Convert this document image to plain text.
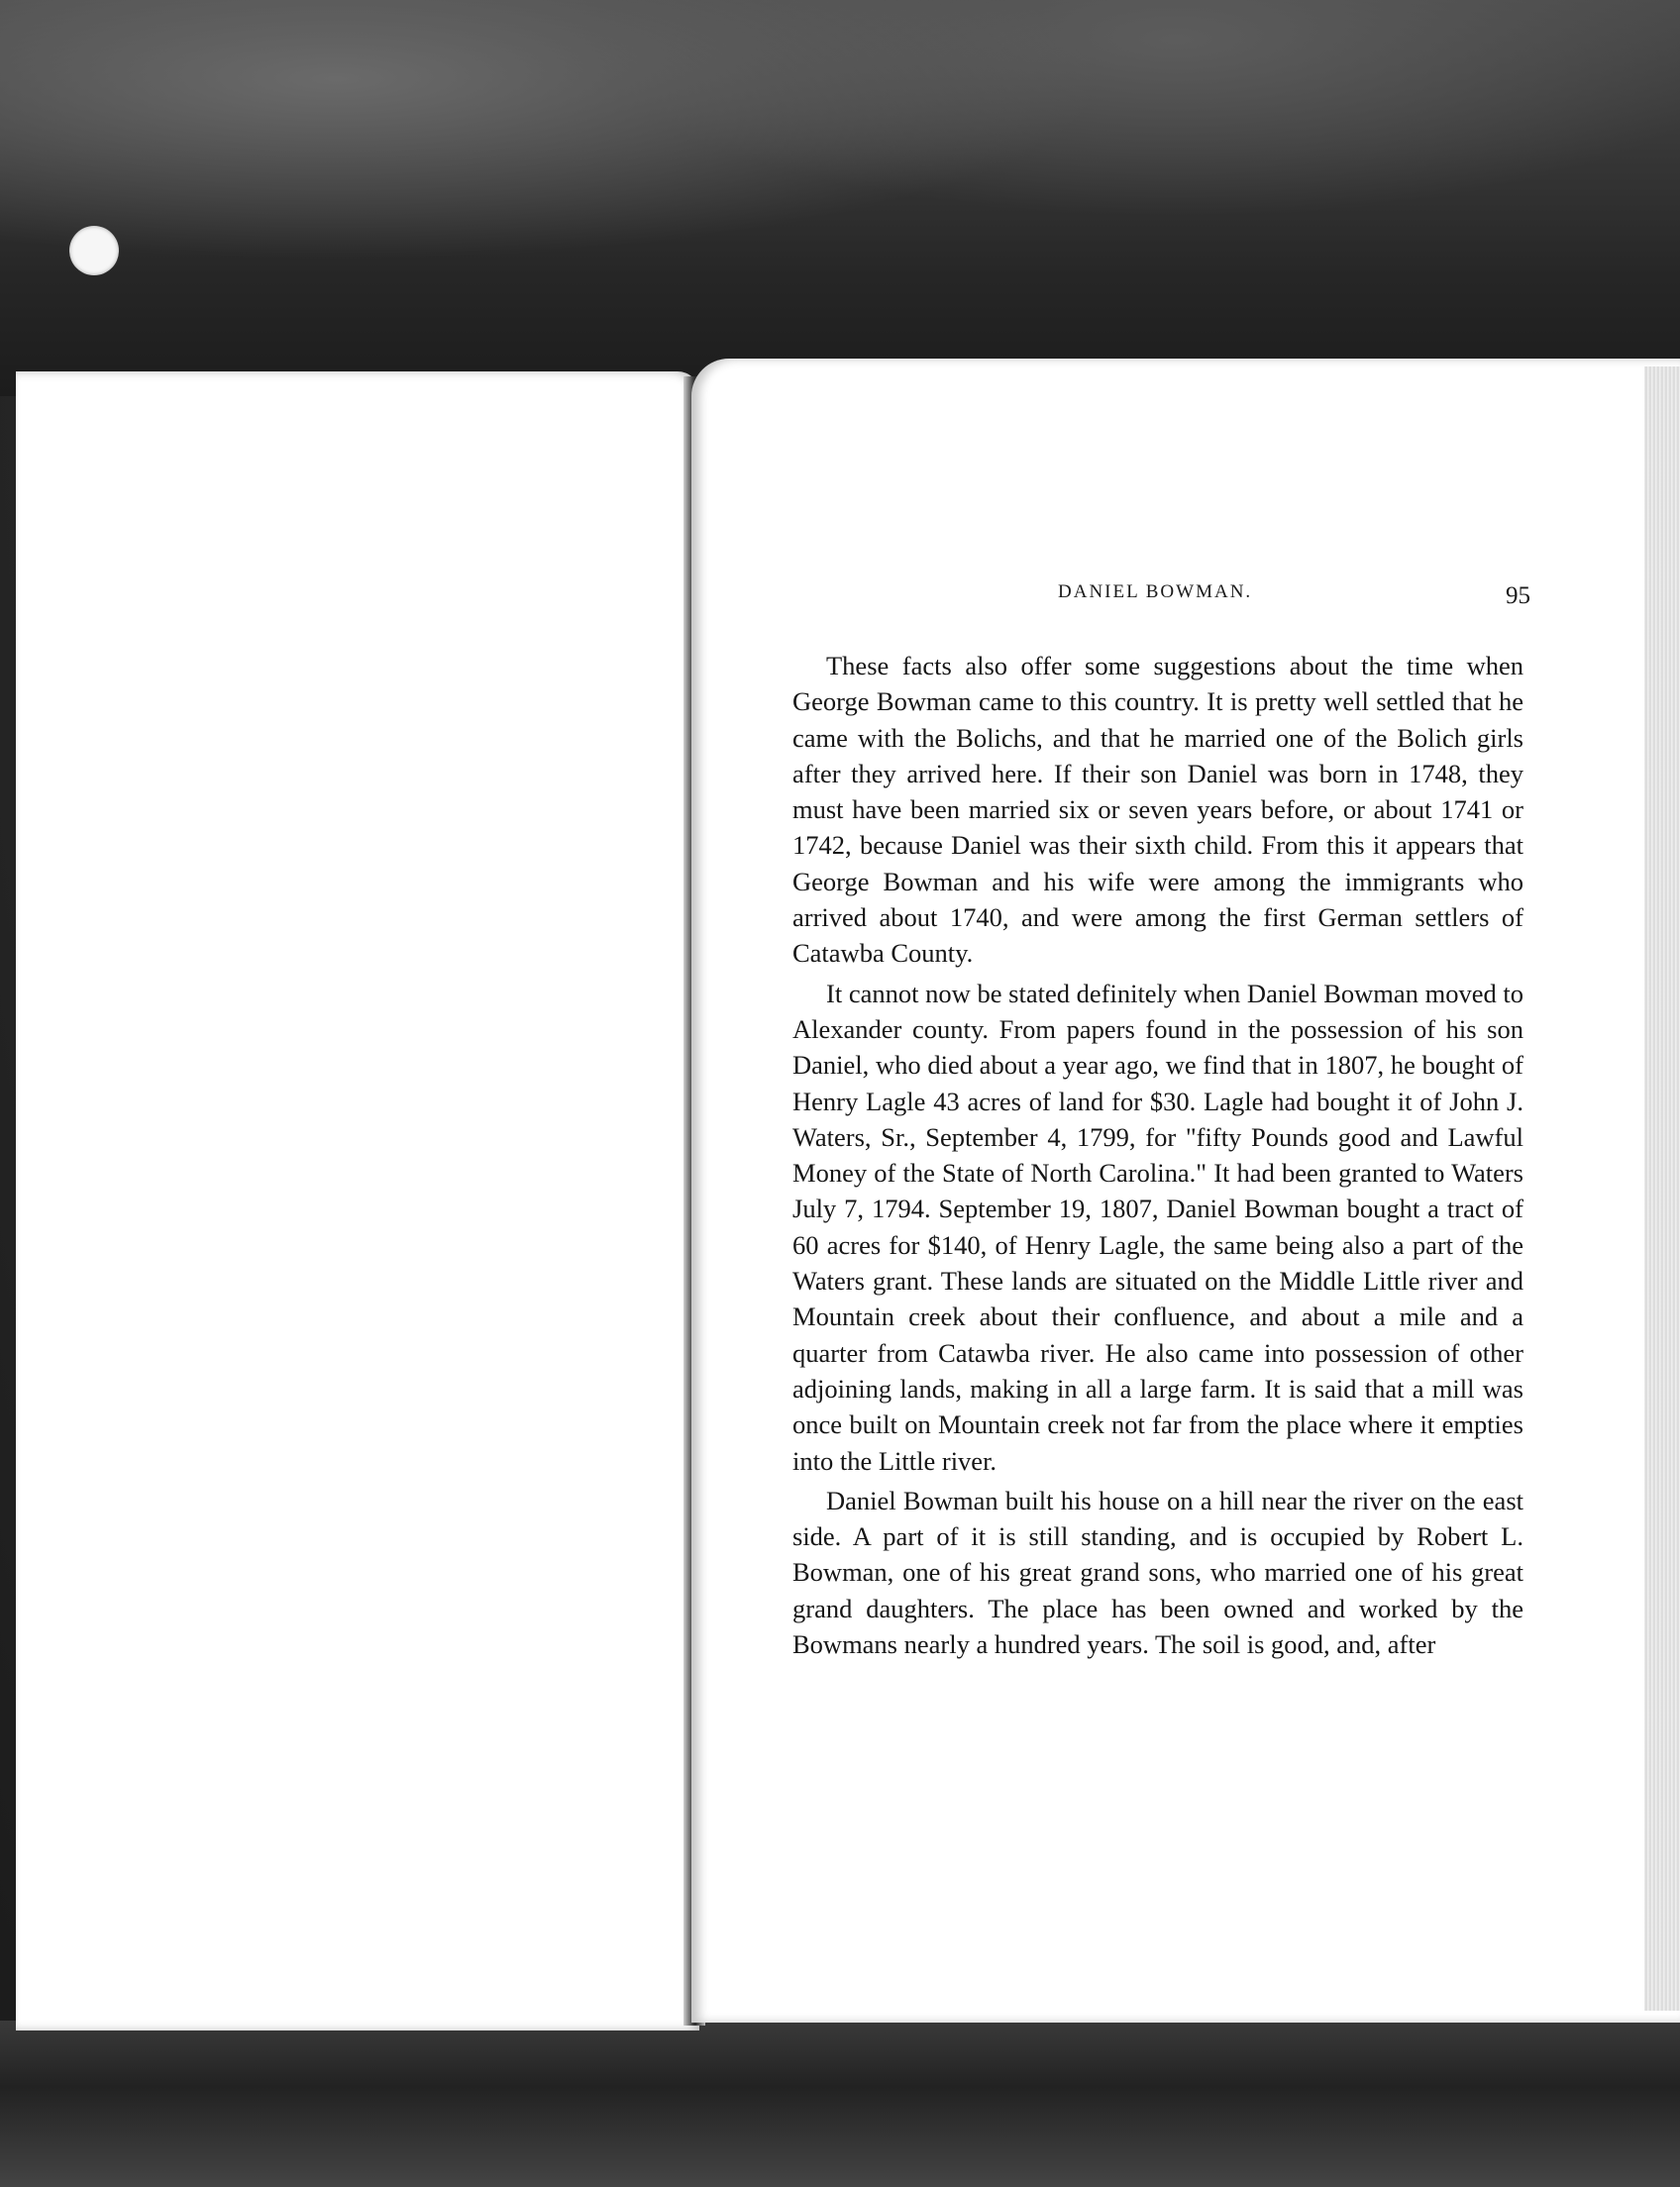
DANIEL BOWMAN.	95

These facts also offer some suggestions about the time when George Bowman came to this country. It is pretty well settled that he came with the Bolichs, and that he married one of the Bolich girls after they arrived here. If their son Daniel was born in 1748, they must have been married six or seven years before, or about 1741 or 1742, because Daniel was their sixth child. From this it appears that George Bowman and his wife were among the immigrants who arrived about 1740, and were among the first German settlers of Catawba County.

It cannot now be stated definitely when Daniel Bowman moved to Alexander county. From papers found in the possession of his son Daniel, who died about a year ago, we find that in 1807, he bought of Henry Lagle 43 acres of land for $30. Lagle had bought it of John J. Waters, Sr., September 4, 1799, for "fifty Pounds good and Lawful Money of the State of North Carolina." It had been granted to Waters July 7, 1794. September 19, 1807, Daniel Bowman bought a tract of 60 acres for $140, of Henry Lagle, the same being also a part of the Waters grant. These lands are situated on the Middle Little river and Mountain creek about their confluence, and about a mile and a quarter from Catawba river. He also came into possession of other adjoining lands, making in all a large farm. It is said that a mill was once built on Mountain creek not far from the place where it empties into the Little river.

Daniel Bowman built his house on a hill near the river on the east side. A part of it is still standing, and is occupied by Robert L. Bowman, one of his great grand sons, who married one of his great grand daughters. The place has been owned and worked by the Bowmans nearly a hundred years. The soil is good, and, after
